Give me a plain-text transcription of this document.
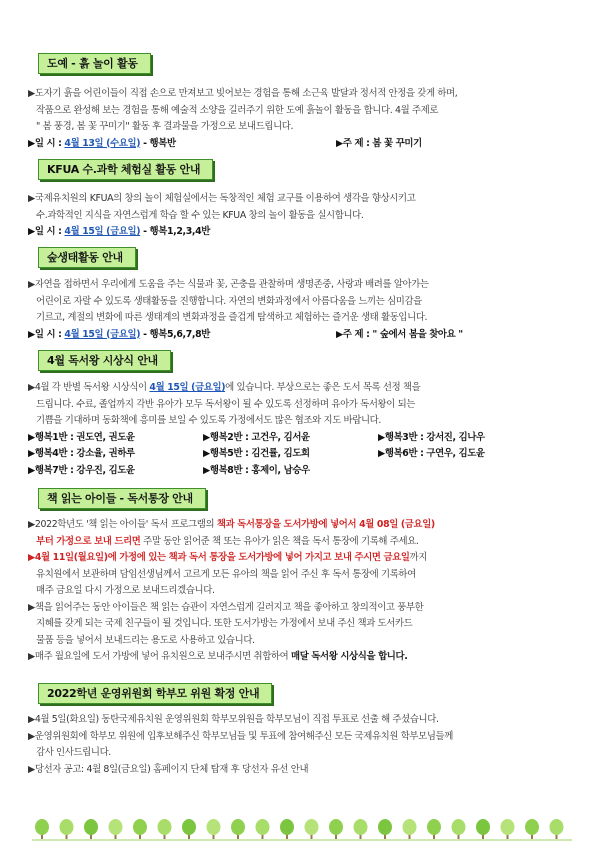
도예 - 흙 놀이 활동

▶도자기 흙을 어린이들이 직접 손으로 만져보고 빚어보는 경험을 통해 소근육 발달과 정서적 안정을 갖게 하며,

작품으로 완성해 보는 경험을 통해 예술적 소양을 길러주기 위한 도예 흙놀이 활동을 합니다. 4월 주제로

" 봄 풍경, 봄 꽃 꾸미기" 활동 후 결과물을 가정으로 보내드립니다.

▶일 시 : 4월 13일 (수요일) - 행복반	▶주 제 : 봄 꽃 꾸미기
KFUA 수.과학 체험실 활동 안내

▶국제유치원의 KFUA의 창의 놀이 체험실에서는 독창적인 체험 교구를 이용하여 생각을 향상시키고

수.과학적인 지식을 자연스럽게 학습 할 수 있는 KFUA 창의 놀이 활동을 실시합니다.

▶일 시 : 4월 15일 (금요일) - 행복1,2,3,4반
숲생태활동 안내

▶자연을 접하면서 우리에게 도움을 주는 식물과 꽃, 곤충을 관찰하며 생명존중, 사랑과 배려를 알아가는

어린이로 자랄 수 있도록 생태활동을 진행합니다. 자연의 변화과정에서 아름다움을 느끼는 심미감을

기르고, 계절의 변화에 따른 생태계의 변화과정을 즐겁게 탐색하고 체험하는 즐거운 생태 활동입니다.

▶일 시 : 4월 15일 (금요일) - 행복5,6,7,8반	▶주 제 : " 숲에서 봄을 찾아요 "
4월 독서왕 시상식 안내

▶4월 각 반별 독서왕 시상식이 4월 15일 (금요일)에 있습니다. 부상으로는 좋은 도서 목록 선정 책을

드립니다. 수료, 졸업까지 각반 유아가 모두 독서왕이 될 수 있도록 선정하며 유아가 독서왕이 되는

기쁨을 기대하며 동화책에 흥미를 보일 수 있도록 가정에서도 많은 협조와 지도 바랍니다.

▶행복1반 : 권도연, 권도윤	▶행복2반 : 고건우, 김서윤	▶행복3반 : 강서진, 김나우
▶행복4반 : 강소율, 권하루	▶행복5반 : 김건률, 김도희	▶행복6반 : 구연우, 김도윤
▶행복7반 : 강우진, 김도윤	▶행복8반 : 홍제이, 남승우
책 읽는 아이들 - 독서통장 안내

▶2022학년도 '책 읽는 아이들' 독서 프로그램의 책과 독서통장을 도서가방에 넣어서 4월 08일 (금요일)

부터 가정으로 보내 드리면 주말 동안 읽어준 책 또는 유아가 읽은 책을 독서 통장에 기록해 주세요.

▶4월 11일(월요일)에 가정에 있는 책과 독서 통장을 도서가방에 넣어 가지고 보내 주시면 금요일까지

유치원에서 보관하며 담임선생님께서 고르게 모든 유아의 책을 읽어 주신 후 독서 통장에 기록하여

매주 금요일 다시 가정으로 보내드리겠습니다.

▶책을 읽어주는 동안 아이들은 책 읽는 습관이 자연스럽게 길러지고 책을 좋아하고 창의적이고 풍부한

지혜를 갖게 되는 국제 친구들이 될 것입니다. 또한 도서가방는 가정에서 보내 주신 책과 도서카드

물품 등을 넣어서 보내드리는 용도로 사용하고 있습니다.

▶매주 월요일에 도서 가방에 넣어 유치원으로 보내주시면 취합하여 매달 독서왕 시상식을 합니다.

2022학년 운영위원회 학부모 위원 확정 안내

▶4월 5일(화요일) 동탄국제유치원 운영위원회 학부모위원을 학부모님이 직접 투표로 선출 해 주셨습니다.

▶운영위원회에 학부모 위원에 입후보해주신 학부모님들 및 투표에 참여해주신 모든 국제유치원 학부모님들께

감사 인사드립니다.

▶당선자 공고: 4월 8일(금요일) 홈페이지 단체 탑재 후 당선자 유선 안내
